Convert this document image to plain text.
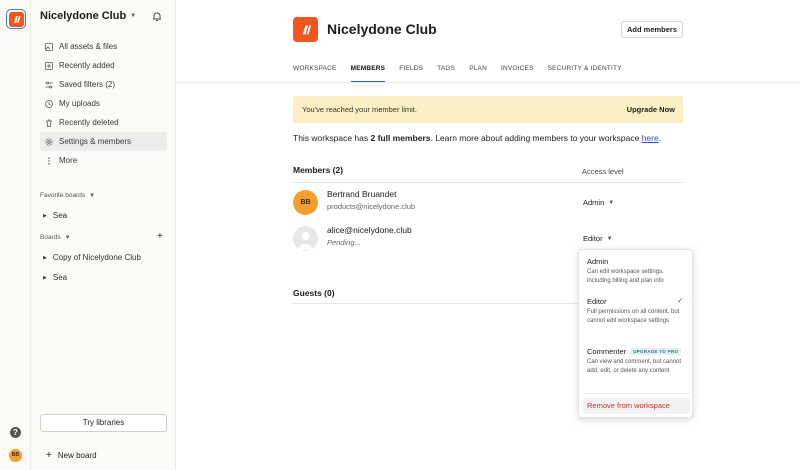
?
BB
Nicelydone Club ▼
All assets & files
Recently added
Saved filters (2)
My uploads
Recently deleted
Settings & members
More
Favorite boards ▼
▶ Sea
Boards ▼	+
▶ Copy of Nicelydone Club
▶ Sea
Try libraries
+ New board
Nicelydone Club	Add members
WORKSPACE MEMBERS FIELDS TAGS PLAN INVOICES SECURITY & IDENTITY
You've reached your member limit.	Upgrade Now
This workspace has 2 full members. Learn more about adding members to your workspace here.
Members (2)	Access level
BB
Bertrand Bruandet
products@nicelydone.club	Admin ▼
alice@nicelydone.club
Pending...	Editor ▼
Guests (0)
Admin
Can edit workspace settings, including billing and plan info
Editor
Full permissions on all content, but cannot edit workspace settings
✓
Commenter	UPGRADE TO PRO
Can view and comment, but cannot add, edit, or delete any content
Remove from workspace
